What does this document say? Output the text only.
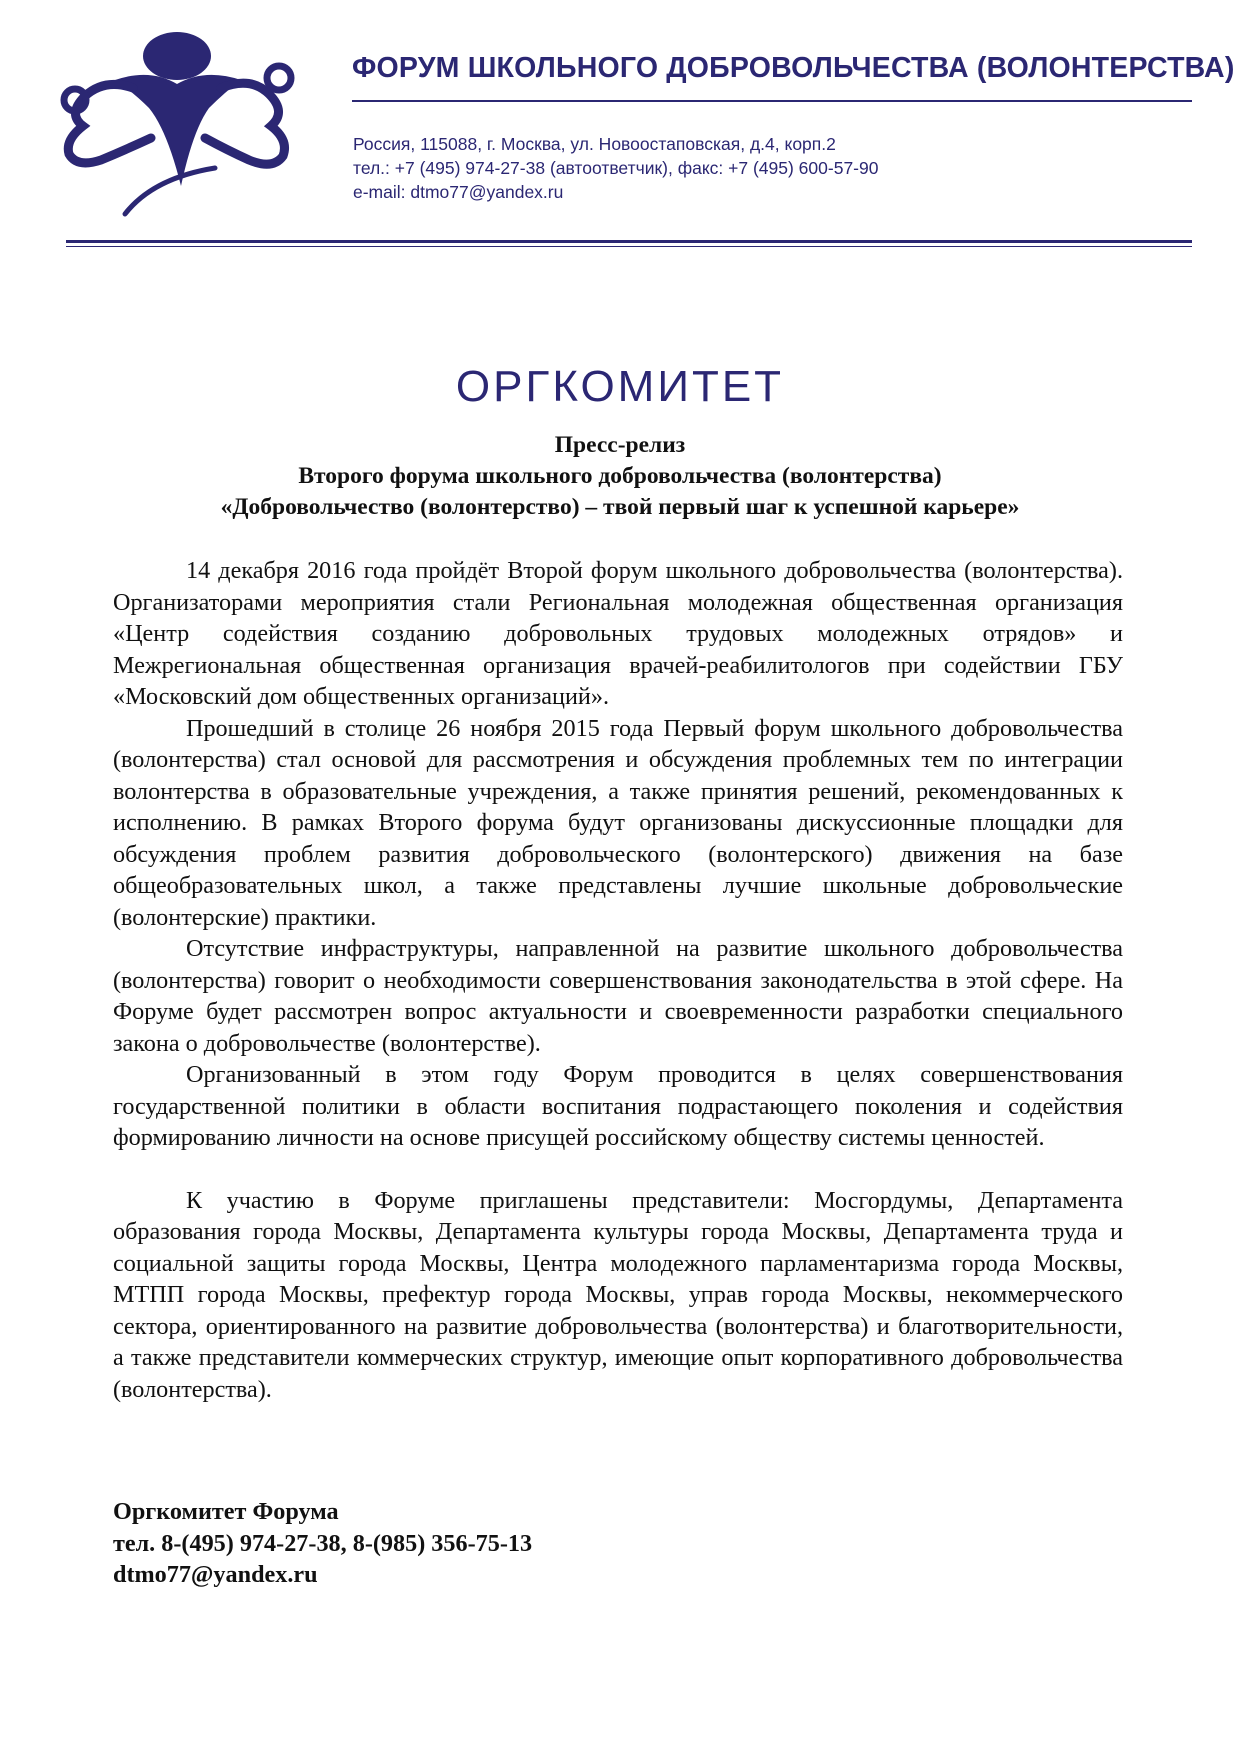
ФОРУМ ШКОЛЬНОГО ДОБРОВОЛЬЧЕСТВА (ВОЛОНТЕРСТВА)
Россия, 115088, г. Москва, ул. Новоостаповская, д.4, корп.2
тел.: +7 (495) 974-27-38 (автоответчик), факс: +7 (495) 600-57-90
e-mail: dtmo77@yandex.ru
ОРГКОМИТЕТ
Пресс-релиз
Второго форума школьного добровольчества (волонтерства)
«Добровольчество (волонтерство) – твой первый шаг к успешной карьере»

14 декабря 2016 года пройдёт Второй форум школьного добровольчества (волонтерства). Организаторами мероприятия стали Региональная молодежная общественная организация «Центр содействия созданию добровольных трудовых молодежных отрядов» и Межрегиональная общественная организация врачей-реабилитологов при содействии ГБУ «Московский дом общественных организаций».

Прошедший в столице 26 ноября 2015 года Первый форум школьного добровольчества (волонтерства) стал основой для рассмотрения и обсуждения проблемных тем по интеграции волонтерства в образовательные учреждения, а также принятия решений, рекомендованных к исполнению. В рамках Второго форума будут организованы дискуссионные площадки для обсуждения проблем развития добровольческого (волонтерского) движения на базе общеобразовательных школ, а также представлены лучшие школьные добровольческие (волонтерские) практики.

Отсутствие инфраструктуры, направленной на развитие школьного добровольчества (волонтерства) говорит о необходимости совершенствования законодательства в этой сфере. На Форуме будет рассмотрен вопрос актуальности и своевременности разработки специального закона о добровольчестве (волонтерстве).

Организованный в этом году Форум проводится в целях совершенствования государственной политики в области воспитания подрастающего поколения и содействия формированию личности на основе присущей российскому обществу системы ценностей.

К участию в Форуме приглашены представители: Мосгордумы, Департамента образования города Москвы, Департамента культуры города Москвы, Департамента труда и социальной защиты города Москвы, Центра молодежного парламентаризма города Москвы, МТПП города Москвы, префектур города Москвы, управ города Москвы, некоммерческого сектора, ориентированного на развитие добровольчества (волонтерства) и благотворительности, а также представители коммерческих структур, имеющие опыт корпоративного добровольчества (волонтерства).

Оргкомитет Форума
тел. 8-(495) 974-27-38, 8-(985) 356-75-13
dtmo77@yandex.ru
